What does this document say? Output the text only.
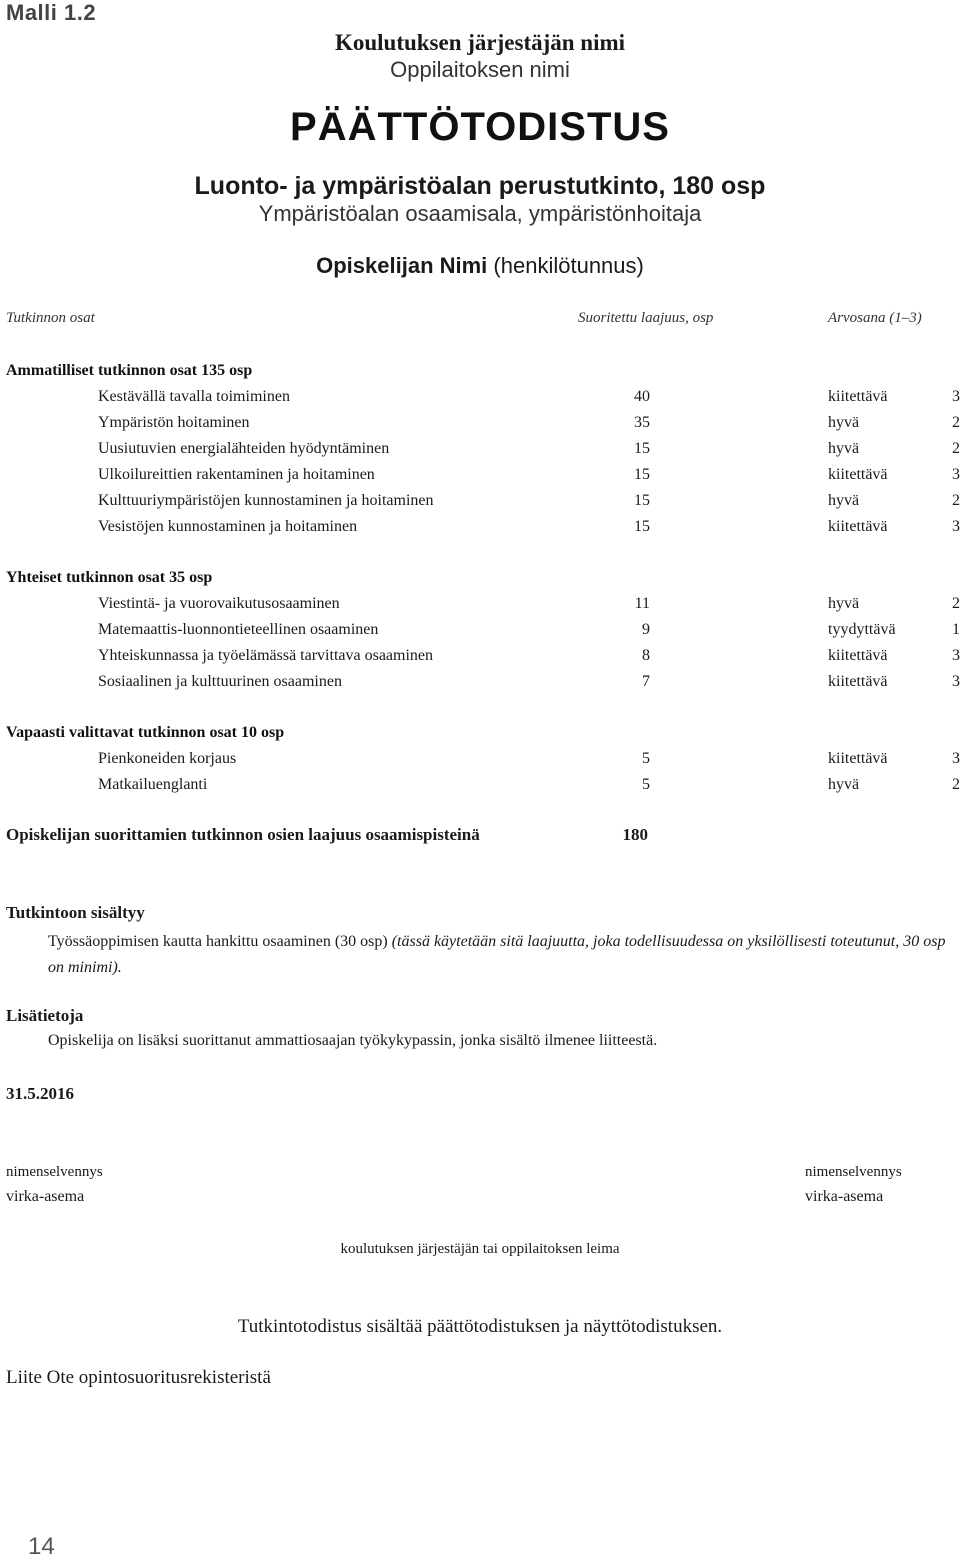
Malli 1.2
Koulutuksen järjestäjän nimi
Oppilaitoksen nimi
PÄÄTTÖTODISTUS
Luonto- ja ympäristöalan perustutkinto, 180 osp
Ympäristöalan osaamisala, ympäristönhoitaja
Opiskelijan Nimi (henkilötunnus)
Tutkinnon osat	Suoritettu laajuus, osp	Arvosana (1–3)
Ammatilliset tutkinnon osat 135 osp
Kestävällä tavalla toimiminen	40	kiitettävä	3
Ympäristön hoitaminen	35	hyvä	2
Uusiutuvien energialähteiden hyödyntäminen	15	hyvä	2
Ulkoilureittien rakentaminen ja hoitaminen	15	kiitettävä	3
Kulttuuriympäristöjen kunnostaminen ja hoitaminen	15	hyvä	2
Vesistöjen kunnostaminen ja hoitaminen	15	kiitettävä	3
Yhteiset tutkinnon osat 35 osp
Viestintä- ja vuorovaikutusosaaminen	11	hyvä	2
Matemaattis-luonnontieteellinen osaaminen	9	tyydyttävä	1
Yhteiskunnassa ja työelämässä tarvittava osaaminen	8	kiitettävä	3
Sosiaalinen ja kulttuurinen osaaminen	7	kiitettävä	3
Vapaasti valittavat tutkinnon osat 10 osp
Pienkoneiden korjaus	5	kiitettävä	3
Matkailuenglanti	5	hyvä	2
Opiskelijan suorittamien tutkinnon osien laajuus osaamispisteinä	180
Tutkintoon sisältyy
Työssäoppimisen kautta hankittu osaaminen (30 osp) (tässä käytetään sitä laajuutta, joka todellisuudessa on yksilöllisesti toteutunut, 30 osp on minimi).
Lisätietoja
Opiskelija on lisäksi suorittanut ammattiosaajan työkykypassin, jonka sisältö ilmenee liitteestä.
31.5.2016
nimenselvennys
virka-asema
nimenselvennys
virka-asema
koulutuksen järjestäjän tai oppilaitoksen leima
Tutkintotodistus sisältää päättötodistuksen ja näyttötodistuksen.
Liite Ote opintosuoritusrekisteristä
14
